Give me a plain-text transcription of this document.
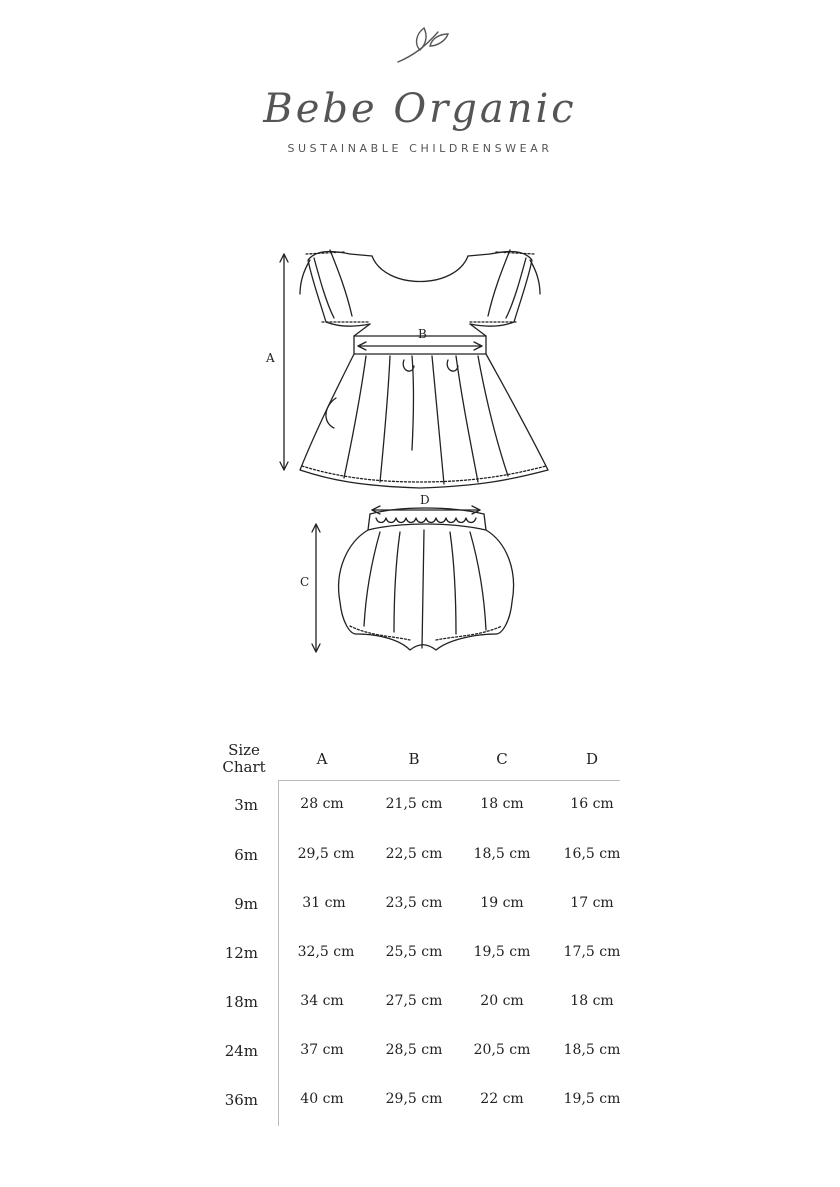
Bebe Organic
SUSTAINABLE CHILDRENSWEAR
A
B
C
D
Size
Chart	A	B	C	D
3m	28 cm	21,5 cm	18 cm	16 cm
6m	29,5 cm 22,5 cm 18,5 cm 16,5 cm
9m	31 cm	23,5 cm	19 cm	17 cm
12m	32,5 cm 25,5 cm 19,5 cm 17,5 cm
18m	34 cm	27,5 cm	20 cm	18 cm
24m	37 cm	28,5 cm 20,5 cm 18,5 cm
36m	40 cm	29,5 cm	22 cm	19,5 cm
